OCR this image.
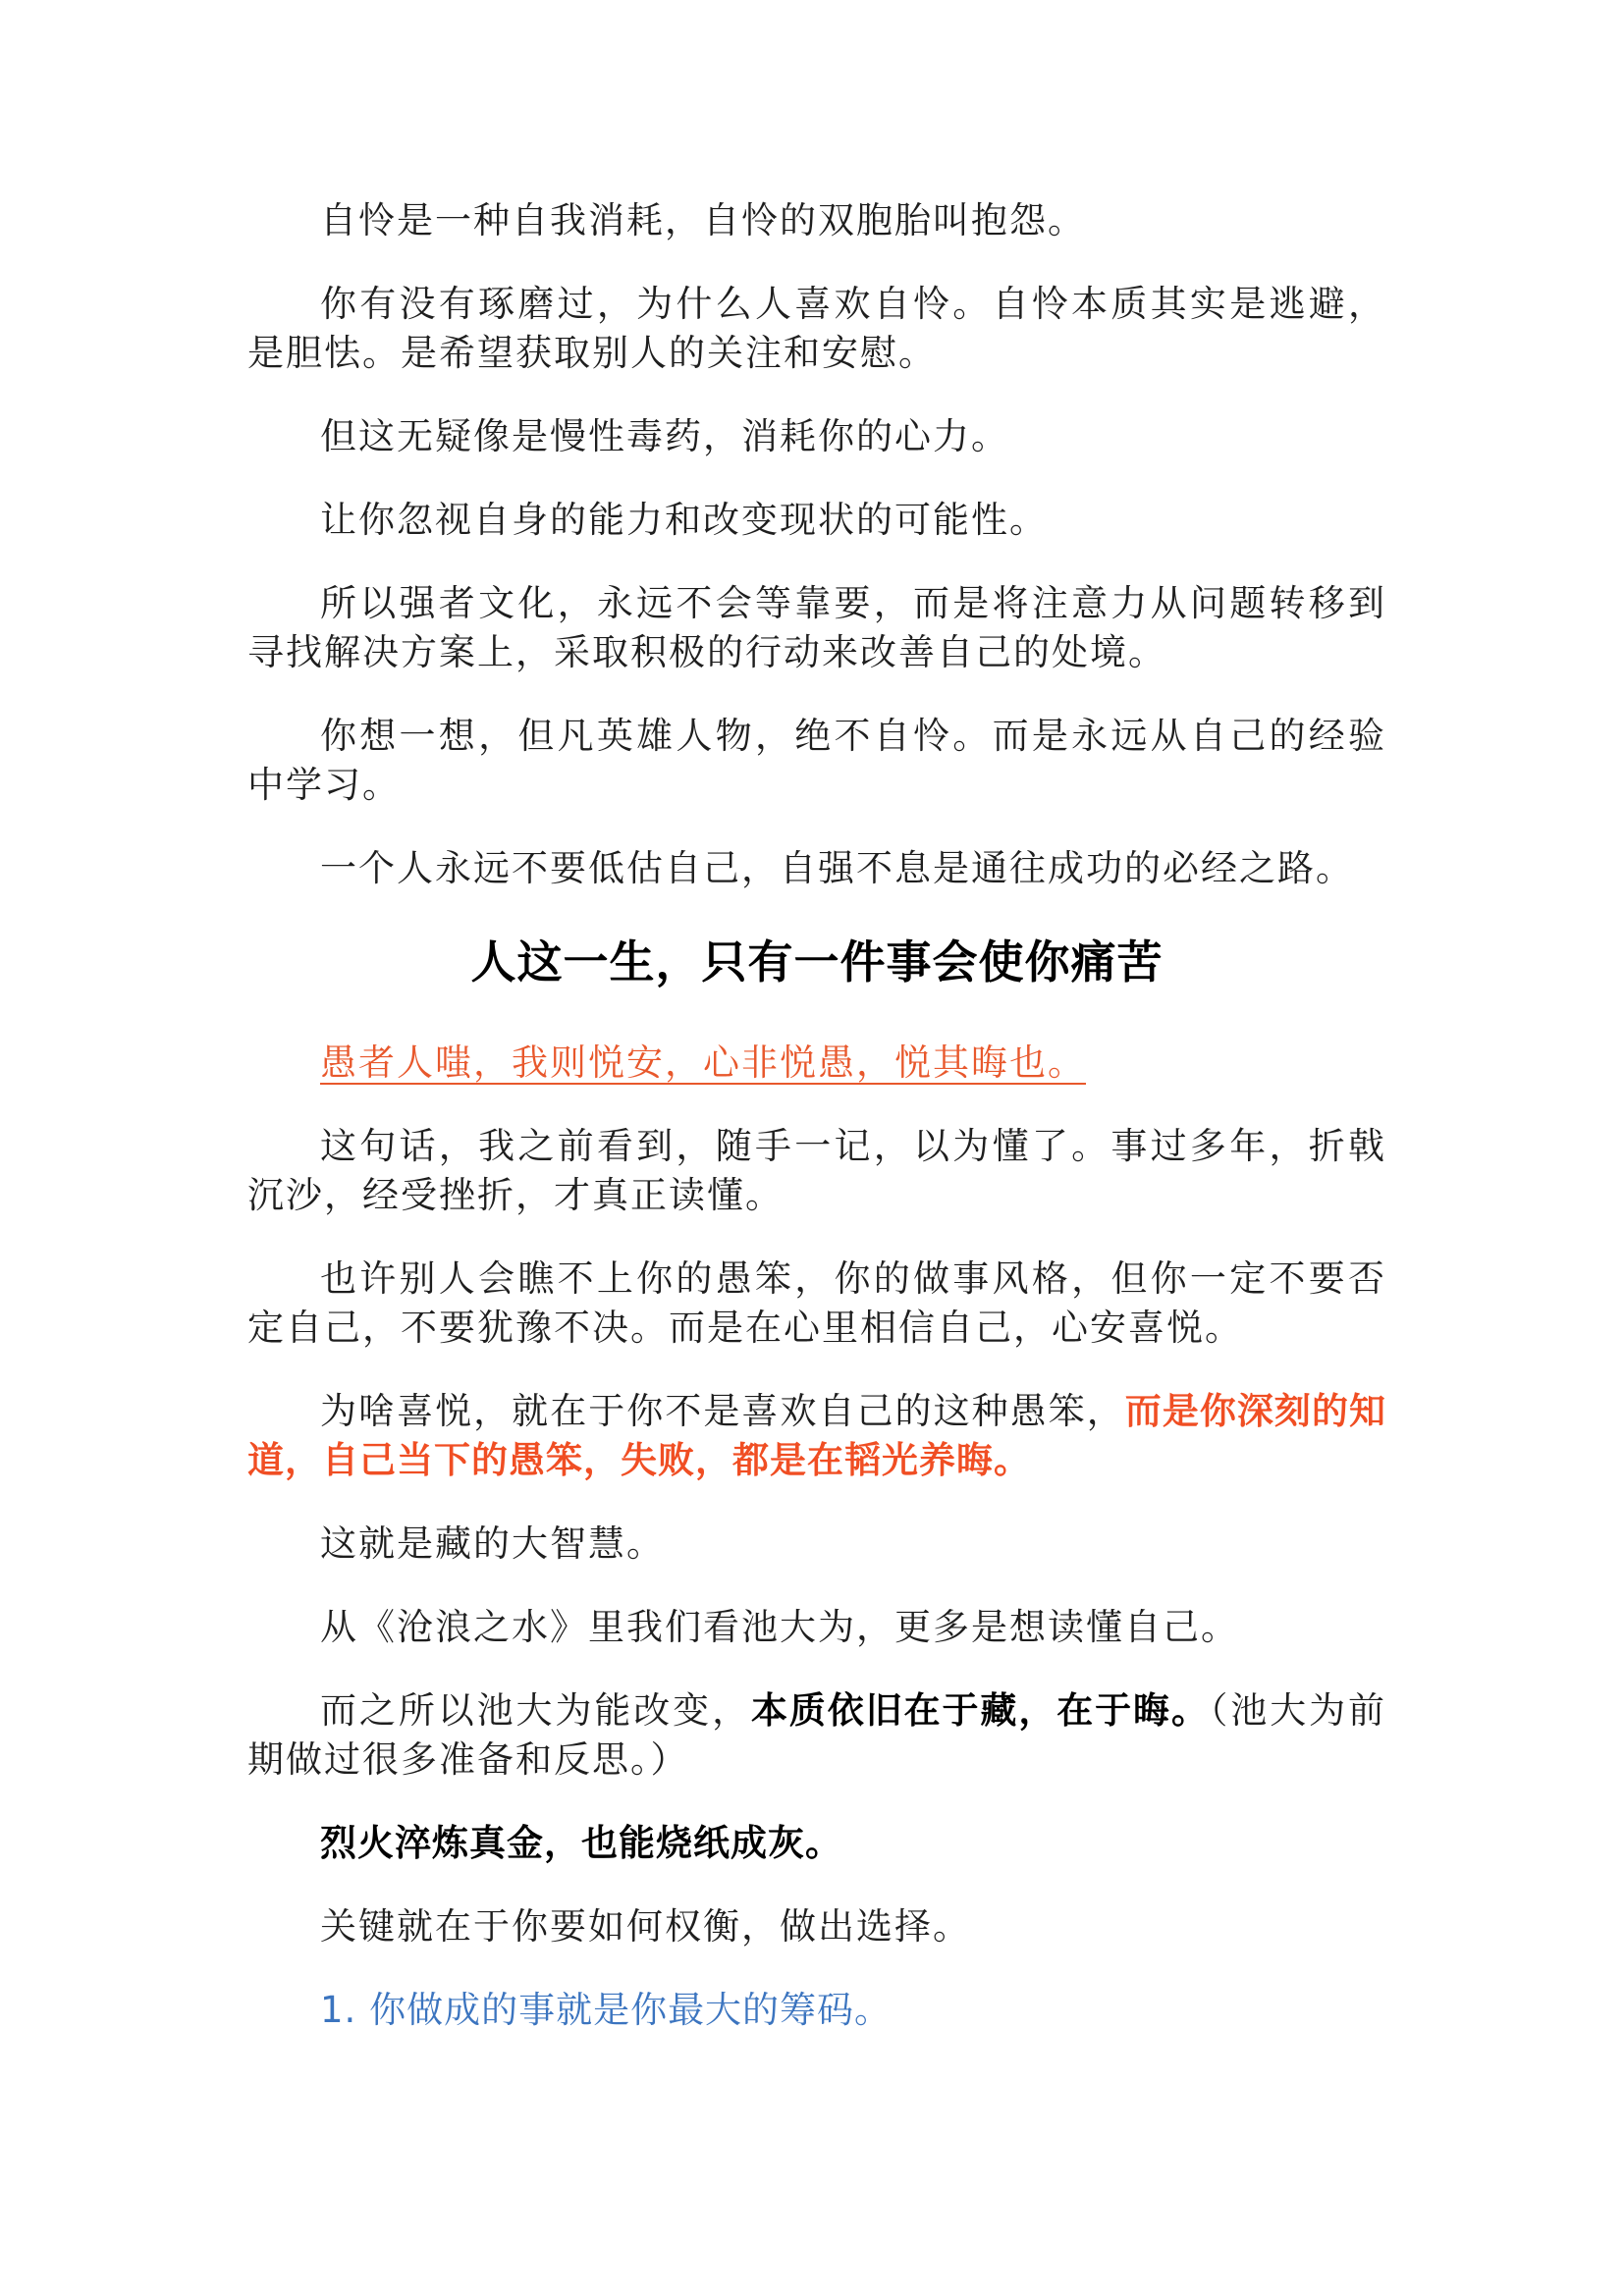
自怜是一种自我消耗，自怜的双胞胎叫抱怨。

你有没有琢磨过，为什么人喜欢自怜。自怜本质其实是逃避，是胆怯。是希望获取别人的关注和安慰。

但这无疑像是慢性毒药，消耗你的心力。

让你忽视自身的能力和改变现状的可能性。

所以强者文化，永远不会等靠要，而是将注意力从问题转移到寻找解决方案上，采取积极的行动来改善自己的处境。

你想一想，但凡英雄人物，绝不自怜。而是永远从自己的经验中学习。

一个人永远不要低估自己，自强不息是通往成功的必经之路。

人这一生，只有一件事会使你痛苦

愚者人嗤，我则悦安，心非悦愚，悦其晦也。

这句话，我之前看到，随手一记，以为懂了。事过多年，折戟沉沙，经受挫折，才真正读懂。

也许别人会瞧不上你的愚笨，你的做事风格，但你一定不要否定自己，不要犹豫不决。而是在心里相信自己，心安喜悦。

为啥喜悦，就在于你不是喜欢自己的这种愚笨，而是你深刻的知道，自己当下的愚笨，失败，都是在韬光养晦。

这就是藏的大智慧。

从《沧浪之水》里我们看池大为，更多是想读懂自己。

而之所以池大为能改变，本质依旧在于藏，在于晦。（池大为前期做过很多准备和反思。）

烈火淬炼真金，也能烧纸成灰。

关键就在于你要如何权衡，做出选择。

1. 你做成的事就是你最大的筹码。
